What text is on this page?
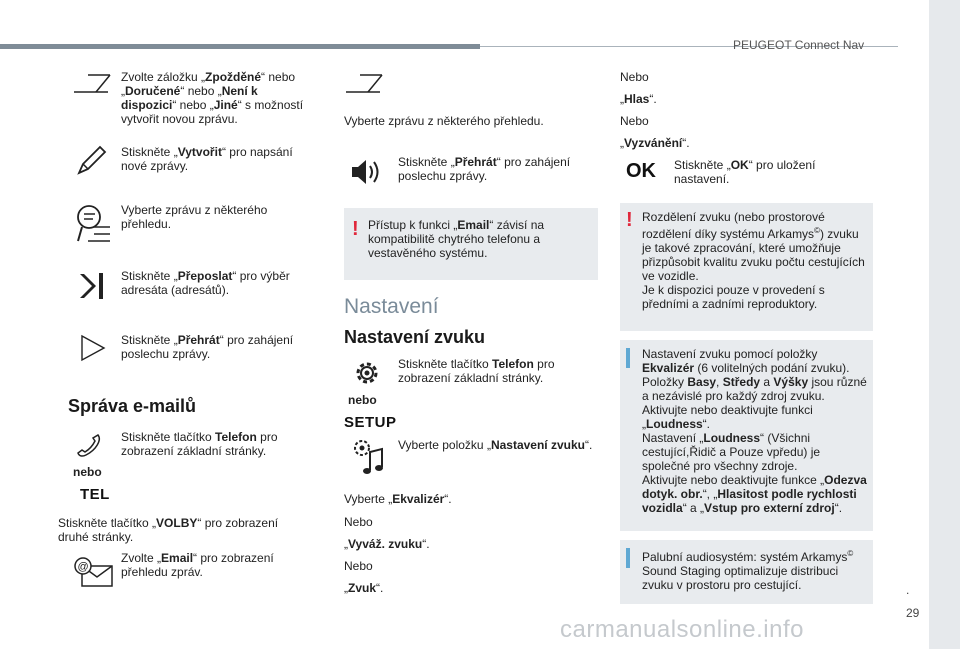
PEUGEOT Connect Nav
.
29
Zvolte záložku „Zpožděné“ nebo „Doručené“ nebo „Není k dispozici“ nebo „Jiné“ s možností vytvořit novou zprávu.
Stiskněte „Vytvořit“ pro napsání nové zprávy.
Vyberte zprávu z některého přehledu.
Stiskněte „Přeposlat“ pro výběr adresáta (adresátů).
Stiskněte „Přehrát“ pro zahájení poslechu zprávy.
Správa e-mailů
nebo
TEL
Stiskněte tlačítko Telefon pro zobrazení základní stránky.
Stiskněte tlačítko „VOLBY“ pro zobrazení druhé stránky.
@
Zvolte „Email“ pro zobrazení přehledu zpráv.
Vyberte zprávu z některého přehledu.
Stiskněte „Přehrát“ pro zahájení poslechu zprávy.
! Přístup k funkci „Email“ závisí na kompatibilitě chytrého telefonu a vestavěného systému.
Nastavení
Nastavení zvuku
nebo
SETUP
Stiskněte tlačítko Telefon pro zobrazení základní stránky.
Vyberte položku „Nastavení zvuku“.
Vyberte „Ekvalizér“.
Nebo
„Vyváž. zvuku“.
Nebo
„Zvuk“.
Nebo
„Hlas“.
Nebo
„Vyzvánění“.
OK Stiskněte „OK“ pro uložení nastavení.
! Rozdělení zvuku (nebo prostorové rozdělení díky systému Arkamys©) zvuku je takové zpracování, které umožňuje přizpůsobit kvalitu zvuku počtu cestujících ve vozidle.
Je k dispozici pouze v provedení s předními a zadními reproduktory.
Nastavení zvuku pomocí položky Ekvalizér (6 volitelných podání zvuku).
Položky Basy, Středy a Výšky jsou různé a nezávislé pro každý zdroj zvuku.
Aktivujte nebo deaktivujte funkci „Loudness“.
Nastavení „Loudness“ (Všichni cestující,Řidič a Pouze vpředu) je společné pro všechny zdroje.
Aktivujte nebo deaktivujte funkce „Odezva dotyk. obr.“, „Hlasitost podle rychlosti vozidla“ a „Vstup pro externí zdroj“.
Palubní audiosystém: systém Arkamys© Sound Staging optimalizuje distribuci zvuku v prostoru pro cestující.
carmanualsonline.info
